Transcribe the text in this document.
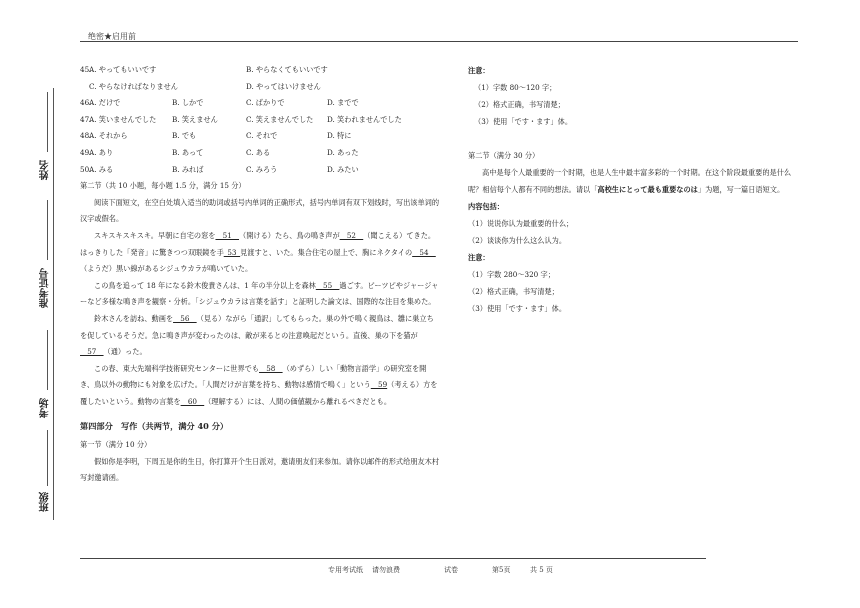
绝密★启用前
姓名
准考证号
考场
班级
45.
A. やってもいいです	B. やらなくてもいいです
C. やらなければなりません	D. やってはいけません
46.
A. だけで	B. しかで	C. ばかりで	D. までで
47.
A. 笑いませんでした B. 笑えません	C. 笑えませんでした D. 笑われませんでした
48.
A. それから	B. でも	C. それで	D. 特に
49.
A. あり	B. あって	C. ある	D. あった
50.
A. みる	B. みれば	C. みろう	D. みたい

第二节（共 10 小题，每小题 1.5 分，满分 15 分）

阅读下面短文，在空白处填入适当的助词或括号内单词的正确形式，括号内单词有双下划线时，写出该单词的汉字或假名。

スキスキスキスキ。早朝に自宅の窓を__51__（開ける）たら、鳥の鳴き声が__52__（聞こえる）てきた。はっきりした「発音」に驚きつつ双眼鏡を手_53_見渡すと、いた。集合住宅の屋上で、胸にネクタイの__54__（ようだ）黒い線があるシジュウカラが鳴いていた。

この鳥を追って 18 年になる鈴木俊貴さんは、1 年の半分以上を森林__55__過ごす。ビーツピやジャージャーなど多様な鳴き声を観察・分析。「シジュウカラは言葉を話す」と証明した論文は、国際的な注目を集めた。

鈴木さんを訪ね、動画を__56__（見る）ながら「通訳」してもらった。巣の外で鳴く親鳥は、雛に巣立ちを促しているそうだ。急に鳴き声が変わったのは、敵が来るとの注意喚起だという。直後、巣の下を猫が__57__（通）った。

この春、東大先端科学技術研究センターに世界でも__58__（めずら）しい「動物言語学」の研究室を開き、鳥以外の動物にも対象を広げた。「人間だけが言葉を持ち、動物は感情で鳴く」という__59（考える）方を覆したいという。動物の言葉を__60__（理解する）には、人間の価値観から離れるべきだとも。

第四部分　写作（共两节，满分 40 分）

第一节（满分 10 分）

假如你是李明，下周五是你的生日，你打算开个生日派对，邀请朋友们来参加。请你以邮件的形式给朋友木村写封邀请函。

注意：

（1）字数 80～120 字；

（2）格式正确，书写清楚；

（3）使用「です・ます」体。

第二节（满分 30 分）

高中是每个人最重要的一个时期，也是人生中最丰富多彩的一个时期。在这个阶段最重要的是什么呢？相信每个人都有不同的想法。请以「高校生にとって最も重要なのは」为题，写一篇日语短文。

内容包括：

（1）说说你认为最重要的什么；

（2）谈谈你为什么这么认为。

注意：

（1）字数 280～320 字；

（2）格式正确，书写清楚；

（3）使用「です・ます」体。

专用考试纸 请勿浪费	试卷	第5页	共 5 页
